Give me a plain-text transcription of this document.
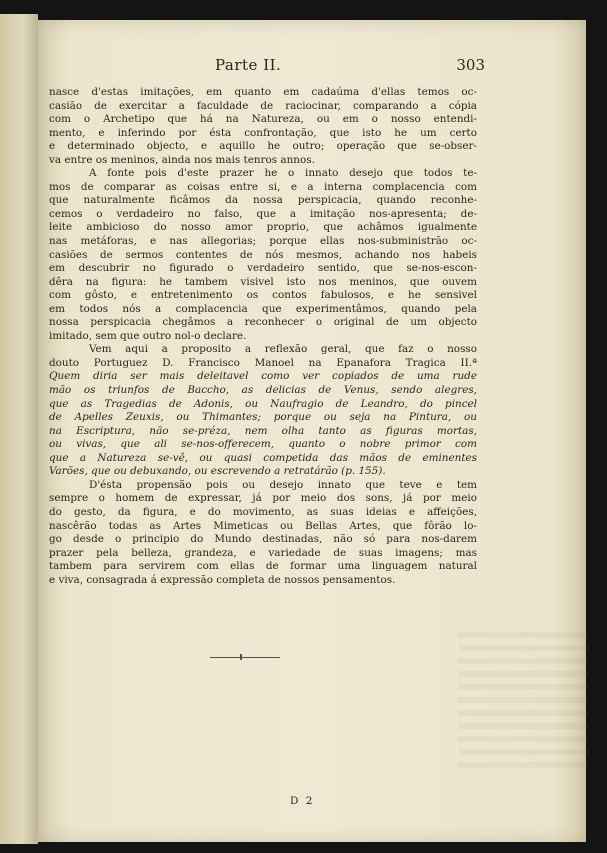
Parte II.	303
nasce d'estas imitações, em quanto em cadaúma d'ellas temos oc-
casião de exercitar a faculdade de raciocinar, comparando a cópia
com o Archetipo que há na Natureza, ou em o nosso entendi-
mento, e inferindo por ésta confrontação, que isto he um certo
e determinado objecto, e aquillo he outro; operação que se-obser-
va entre os meninos, ainda nos mais tenros annos.
A fonte pois d'este prazer he o innato desejo que todos te-
mos de comparar as coisas entre si, e a interna complacencia com
que naturalmente ficâmos da nossa perspicacia, quando reconhe-
cemos o verdadeiro no falso, que a imitação nos-apresenta; de-
leite ambicioso do nosso amor proprio, que achâmos igualmente
nas metáforas, e nas allegorias; porque ellas nos-subministrão oc-
casiões de sermos contentes de nós mesmos, achando nos habeis
em descubrir no figurado o verdadeiro sentido, que se-nos-escon-
dêra na figura: he tambem visivel isto nos meninos, que ouvem
com gôsto, e entretenimento os contos fabulosos, e he sensivel
em todos nós a complacencia que experimentâmos, quando pela
nossa perspicacia chegâmos a reconhecer o original de um objecto
imitado, sem que outro nol-o declare.
Vem aqui a proposito a reflexão geral, que faz o nosso
douto Portuguez D. Francisco Manoel na Epanafora Tragica II.ª
Quem diria ser mais deleitavel como ver copiados de uma rude
mão os triunfos de Baccho, as delicias de Venus, sendo alegres,
que as Tragedias de Adonis, ou Naufragio de Leandro, do pincel
de Apelles Zeuxis, ou Thimantes; porque ou seja na Pintura, ou
na Escriptura, não se-préza, nem olha tanto as figuras mortas,
ou vivas, que ali se-nos-offerecem, quanto o nobre primor com
que a Natureza se-vê, ou quasi competida das mãos de eminentes
Varões, que ou debuxando, ou escrevendo a retratárão (p. 155).
D'ésta propensão pois ou desejo innato que teve e tem
sempre o homem de expressar, já por meio dos sons, já por meio
do gesto, da figura, e do movimento, as suas ideias e affeições,
nascêrão todas as Artes Mimeticas ou Bellas Artes, que fôrão lo-
go desde o principio do Mundo destinadas, não só para nos-darem
prazer pela belleza, grandeza, e variedade de suas imagens; mas
tambem para servirem com ellas de formar uma linguagem natural
e viva, consagrada á expressão completa de nossos pensamentos.
D 2
